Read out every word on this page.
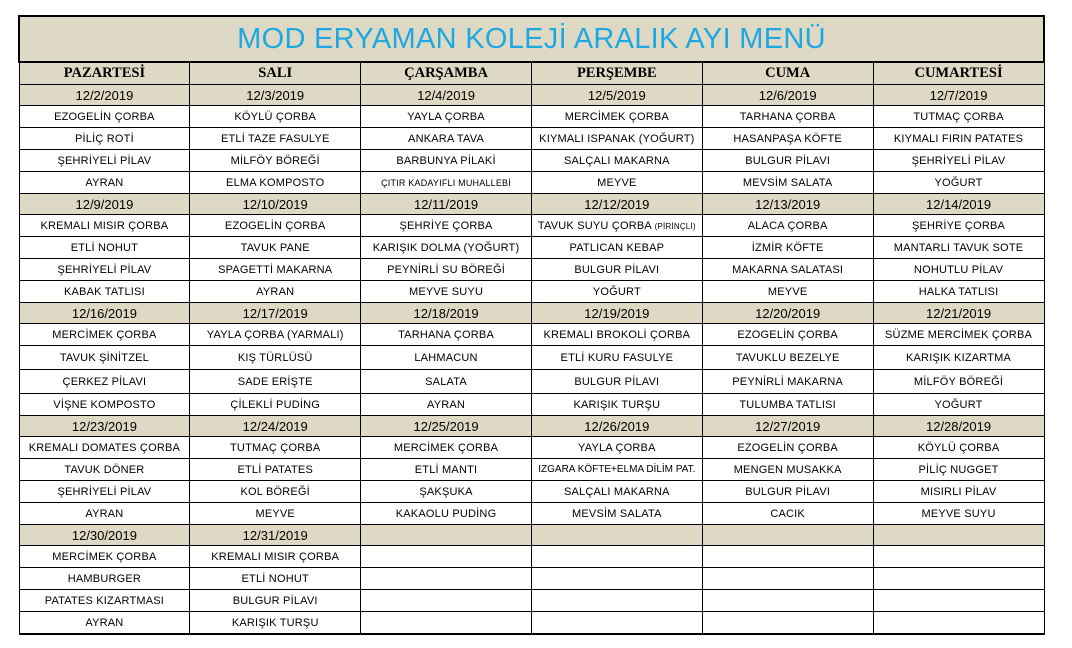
MOD ERYAMAN KOLEJİ ARALIK AYI MENÜ					
PAZARTESİ	SALI	ÇARŞAMBA	PERŞEMBE	CUMA	CUMARTESİ
12/2/2019	12/3/2019	12/4/2019	12/5/2019	12/6/2019	12/7/2019
EZOGELİN ÇORBA	KÖYLÜ ÇORBA	YAYLA ÇORBA	MERCİMEK ÇORBA	TARHANA ÇORBA	TUTMAÇ ÇORBA
PİLİÇ ROTİ	ETLİ TAZE FASULYE	ANKARA TAVA	KIYMALI ISPANAK (YOĞURT)	HASANPAŞA KÖFTE	KIYMALI FIRIN PATATES
ŞEHRİYELİ PİLAV	MİLFÖY BÖREĞİ	BARBUNYA PİLAKİ	SALÇALI MAKARNA	BULGUR PİLAVI	ŞEHRİYELİ PİLAV
AYRAN	ELMA KOMPOSTO	ÇITIR KADAYIFLI MUHALLEBİ	MEYVE	MEVSİM SALATA	YOĞURT
12/9/2019	12/10/2019	12/11/2019	12/12/2019	12/13/2019	12/14/2019
KREMALI MISIR ÇORBA	EZOGELİN ÇORBA	ŞEHRİYE ÇORBA	TAVUK SUYU ÇORBA (PİRİNÇLİ)	ALACA ÇORBA	ŞEHRİYE ÇORBA
ETLİ NOHUT	TAVUK PANE	KARIŞIK DOLMA (YOĞURT)	PATLICAN KEBAP	İZMİR KÖFTE	MANTARLI TAVUK SOTE
ŞEHRİYELİ PİLAV	SPAGETTİ MAKARNA	PEYNİRLİ SU BÖREĞİ	BULGUR PİLAVI	MAKARNA SALATASI	NOHUTLU PİLAV
KABAK TATLISI	AYRAN	MEYVE SUYU	YOĞURT	MEYVE	HALKA TATLISI
12/16/2019	12/17/2019	12/18/2019	12/19/2019	12/20/2019	12/21/2019
MERCİMEK ÇORBA	YAYLA ÇORBA (YARMALI)	TARHANA ÇORBA	KREMALI BROKOLİ ÇORBA	EZOGELİN ÇORBA	SÜZME MERCİMEK ÇORBA
TAVUK ŞİNİTZEL	KIŞ TÜRLÜSÜ	LAHMACUN	ETLİ KURU FASULYE	TAVUKLU BEZELYE	KARIŞIK KIZARTMA
ÇERKEZ PİLAVI	SADE ERİŞTE	SALATA	BULGUR PİLAVI	PEYNİRLİ MAKARNA	MİLFÖY BÖREĞİ
VİŞNE KOMPOSTO	ÇİLEKLİ PUDİNG	AYRAN	KARIŞIK TURŞU	TULUMBA TATLISI	YOĞURT
12/23/2019	12/24/2019	12/25/2019	12/26/2019	12/27/2019	12/28/2019
KREMALI DOMATES ÇORBA	TUTMAÇ ÇORBA	MERCİMEK ÇORBA	YAYLA ÇORBA	EZOGELİN ÇORBA	KÖYLÜ ÇORBA
TAVUK DÖNER	ETLİ PATATES	ETLİ MANTI	IZGARA KÖFTE+ELMA DİLİM PAT.	MENGEN MUSAKKA	PİLİÇ NUGGET
ŞEHRİYELİ PİLAV	KOL BÖREĞİ	ŞAKŞUKA	SALÇALI MAKARNA	BULGUR PİLAVI	MISIRLI PİLAV
AYRAN	MEYVE	KAKAOLU PUDİNG	MEVSİM SALATA	CACIK	MEYVE SUYU
12/30/2019	12/31/2019				
MERCİMEK ÇORBA	KREMALI MISIR ÇORBA				
HAMBURGER	ETLİ NOHUT				
PATATES KIZARTMASI	BULGUR PİLAVI				
AYRAN	KARIŞIK TURŞU				
